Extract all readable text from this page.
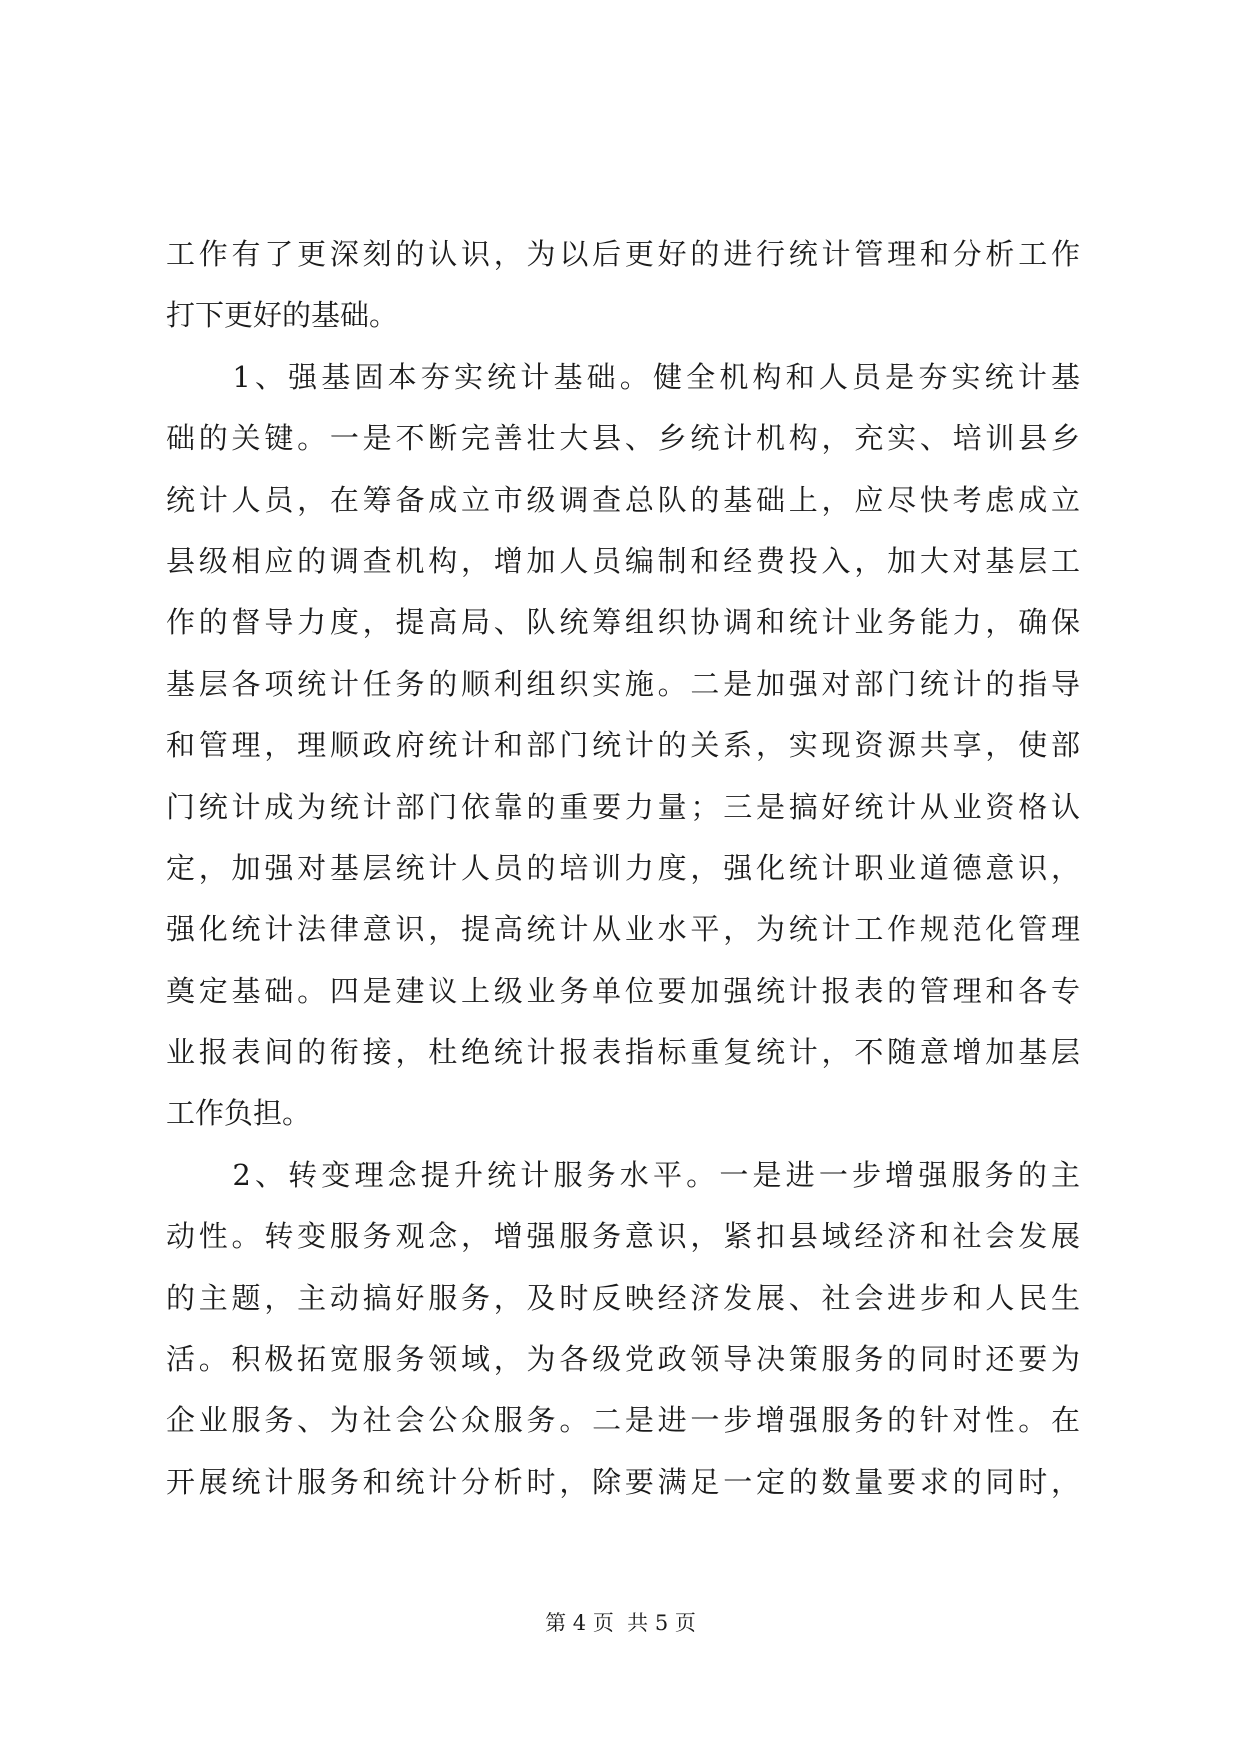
工作有了更深刻的认识，为以后更好的进行统计管理和分析工作
打下更好的基础。
　　1、强基固本夯实统计基础。健全机构和人员是夯实统计基
础的关键。一是不断完善壮大县、乡统计机构，充实、培训县乡
统计人员，在筹备成立市级调查总队的基础上，应尽快考虑成立
县级相应的调查机构，增加人员编制和经费投入，加大对基层工
作的督导力度，提高局、队统筹组织协调和统计业务能力，确保
基层各项统计任务的顺利组织实施。二是加强对部门统计的指导
和管理，理顺政府统计和部门统计的关系，实现资源共享，使部
门统计成为统计部门依靠的重要力量；三是搞好统计从业资格认
定，加强对基层统计人员的培训力度，强化统计职业道德意识，
强化统计法律意识，提高统计从业水平，为统计工作规范化管理
奠定基础。四是建议上级业务单位要加强统计报表的管理和各专
业报表间的衔接，杜绝统计报表指标重复统计，不随意增加基层
工作负担。
　　2、转变理念提升统计服务水平。一是进一步增强服务的主
动性。转变服务观念，增强服务意识，紧扣县域经济和社会发展
的主题，主动搞好服务，及时反映经济发展、社会进步和人民生
活。积极拓宽服务领域，为各级党政领导决策服务的同时还要为
企业服务、为社会公众服务。二是进一步增强服务的针对性。在
开展统计服务和统计分析时，除要满足一定的数量要求的同时，
第 4 页  共 5 页
